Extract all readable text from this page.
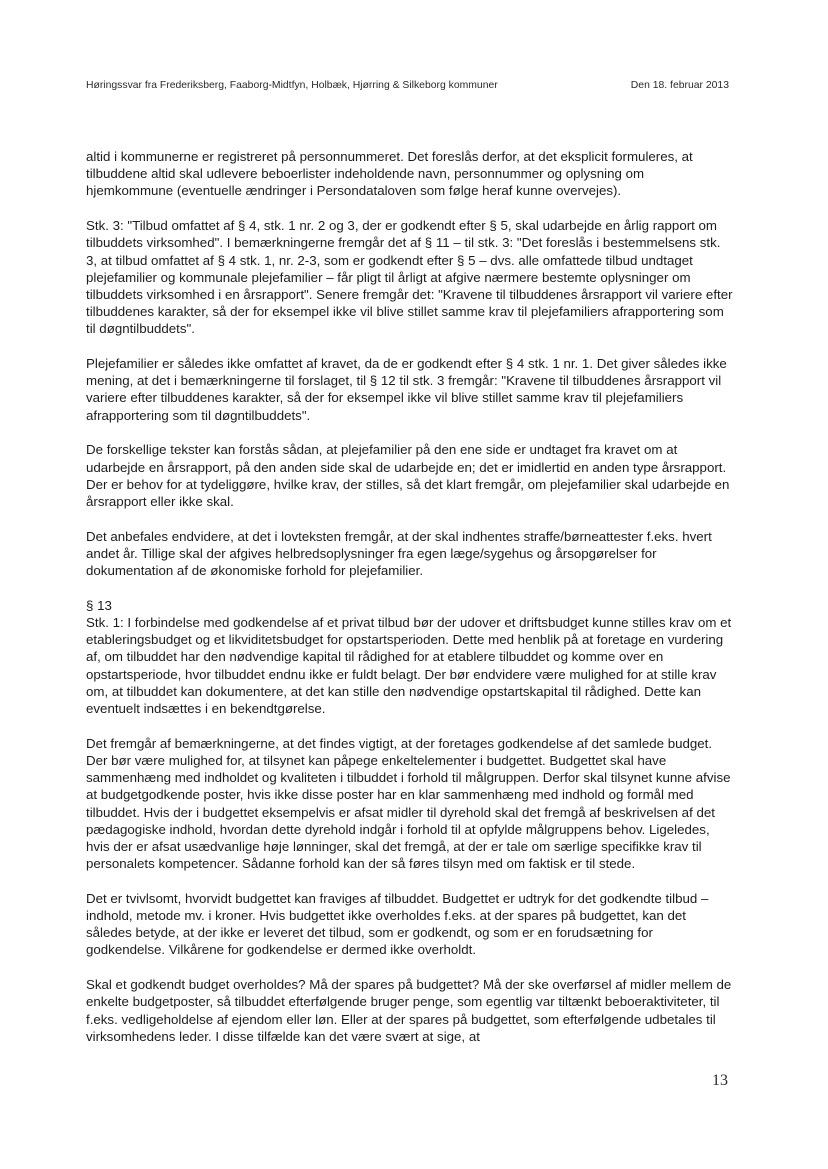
Høringssvar fra Frederiksberg, Faaborg-Midtfyn, Holbæk, Hjørring & Silkeborg kommuner	Den 18. februar 2013

altid i kommunerne er registreret på personnummeret. Det foreslås derfor, at det eksplicit formuleres, at tilbuddene altid skal udlevere beboerlister indeholdende navn, personnummer og oplysning om hjemkommune (eventuelle ændringer i Persondataloven som følge heraf kunne overvejes).

Stk. 3: "Tilbud omfattet af § 4, stk. 1 nr. 2 og 3, der er godkendt efter § 5, skal udarbejde en årlig rapport om tilbuddets virksomhed". I bemærkningerne fremgår det af § 11 – til stk. 3: "Det foreslås i bestemmelsens stk. 3, at tilbud omfattet af § 4 stk. 1, nr. 2-3, som er godkendt efter § 5 – dvs. alle omfattede tilbud undtaget plejefamilier og kommunale plejefamilier – får pligt til årligt at afgive nærmere bestemte oplysninger om tilbuddets virksomhed i en årsrapport". Senere fremgår det: "Kravene til tilbuddenes årsrapport vil variere efter tilbuddenes karakter, så der for eksempel ikke vil blive stillet samme krav til plejefamiliers afrapportering som til døgntilbuddets".

Plejefamilier er således ikke omfattet af kravet, da de er godkendt efter § 4 stk. 1 nr. 1. Det giver således ikke mening, at det i bemærkningerne til forslaget, til § 12 til stk. 3 fremgår: "Kravene til tilbuddenes årsrapport vil variere efter tilbuddenes karakter, så der for eksempel ikke vil blive stillet samme krav til plejefamiliers afrapportering som til døgntilbuddets".

De forskellige tekster kan forstås sådan, at plejefamilier på den ene side er undtaget fra kravet om at udarbejde en årsrapport, på den anden side skal de udarbejde en; det er imidlertid en anden type årsrapport. Der er behov for at tydeliggøre, hvilke krav, der stilles, så det klart fremgår, om plejefamilier skal udarbejde en årsrapport eller ikke skal.

Det anbefales endvidere, at det i lovteksten fremgår, at der skal indhentes straffe/børneattester f.eks. hvert andet år. Tillige skal der afgives helbredsoplysninger fra egen læge/sygehus og årsopgørelser for dokumentation af de økonomiske forhold for plejefamilier.

§ 13

Stk. 1: I forbindelse med godkendelse af et privat tilbud bør der udover et driftsbudget kunne stilles krav om et etableringsbudget og et likviditetsbudget for opstartsperioden. Dette med henblik på at foretage en vurdering af, om tilbuddet har den nødvendige kapital til rådighed for at etablere tilbuddet og komme over en opstartsperiode, hvor tilbuddet endnu ikke er fuldt belagt. Der bør endvidere være mulighed for at stille krav om, at tilbuddet kan dokumentere, at det kan stille den nødvendige opstartskapital til rådighed. Dette kan eventuelt indsættes i en bekendtgørelse.

Det fremgår af bemærkningerne, at det findes vigtigt, at der foretages godkendelse af det samlede budget. Der bør være mulighed for, at tilsynet kan påpege enkeltelementer i budgettet. Budgettet skal have sammenhæng med indholdet og kvaliteten i tilbuddet i forhold til målgruppen. Derfor skal tilsynet kunne afvise at budgetgodkende poster, hvis ikke disse poster har en klar sammenhæng med indhold og formål med tilbuddet. Hvis der i budgettet eksempelvis er afsat midler til dyrehold skal det fremgå af beskrivelsen af det pædagogiske indhold, hvordan dette dyrehold indgår i forhold til at opfylde målgruppens behov. Ligeledes, hvis der er afsat usædvanlige høje lønninger, skal det fremgå, at der er tale om særlige specifikke krav til personalets kompetencer. Sådanne forhold kan der så føres tilsyn med om faktisk er til stede.

Det er tvivlsomt, hvorvidt budgettet kan fraviges af tilbuddet. Budgettet er udtryk for det godkendte tilbud – indhold, metode mv. i kroner. Hvis budgettet ikke overholdes f.eks. at der spares på budgettet, kan det således betyde, at der ikke er leveret det tilbud, som er godkendt, og som er en forudsætning for godkendelse. Vilkårene for godkendelse er dermed ikke overholdt.

Skal et godkendt budget overholdes? Må der spares på budgettet? Må der ske overførsel af midler mellem de enkelte budgetposter, så tilbuddet efterfølgende bruger penge, som egentlig var tiltænkt beboeraktiviteter, til f.eks. vedligeholdelse af ejendom eller løn. Eller at der spares på budgettet, som efterfølgende udbetales til virksomhedens leder. I disse tilfælde kan det være svært at sige, at

13
